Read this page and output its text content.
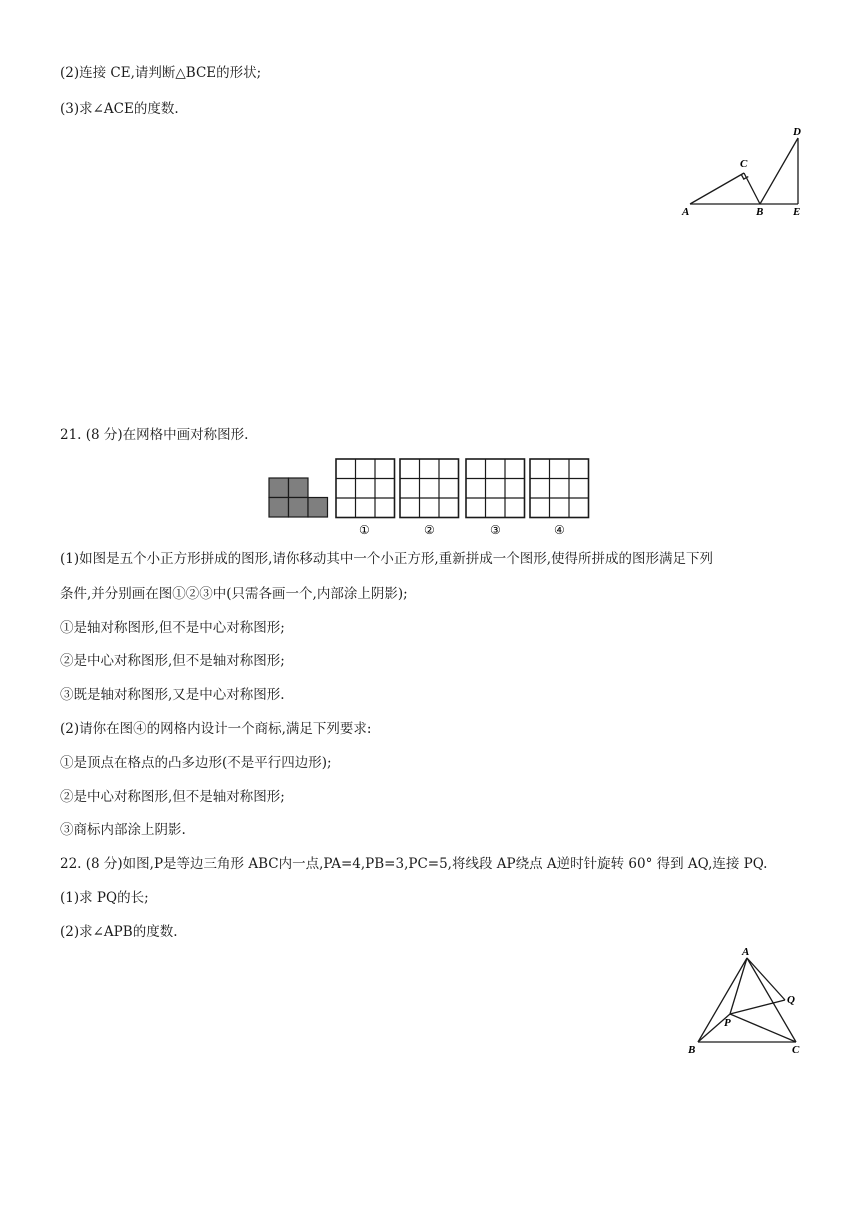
(2)连接 CE,请判断△BCE的形状;
(3)求∠ACE的度数.
A	B
C
D
E
21. (8 分)在网格中画对称图形.
①	②	③	④
(1)如图是五个小正方形拼成的图形,请你移动其中一个小正方形,重新拼成一个图形,使得所拼成的图形满足下列
条件,并分别画在图①②③中(只需各画一个,内部涂上阴影);
①是轴对称图形,但不是中心对称图形;
②是中心对称图形,但不是轴对称图形;
③既是轴对称图形,又是中心对称图形.
(2)请你在图④的网格内设计一个商标,满足下列要求:
①是顶点在格点的凸多边形(不是平行四边形);
②是中心对称图形,但不是轴对称图形;
③商标内部涂上阴影.
22. (8 分)如图,P是等边三角形 ABC内一点,PA=4,PB=3,PC=5,将线段 AP绕点 A逆时针旋转 60° 得到 AQ,连接 PQ.
(1)求 PQ的长;
(2)求∠APB的度数.
A
B	C
P
Q
